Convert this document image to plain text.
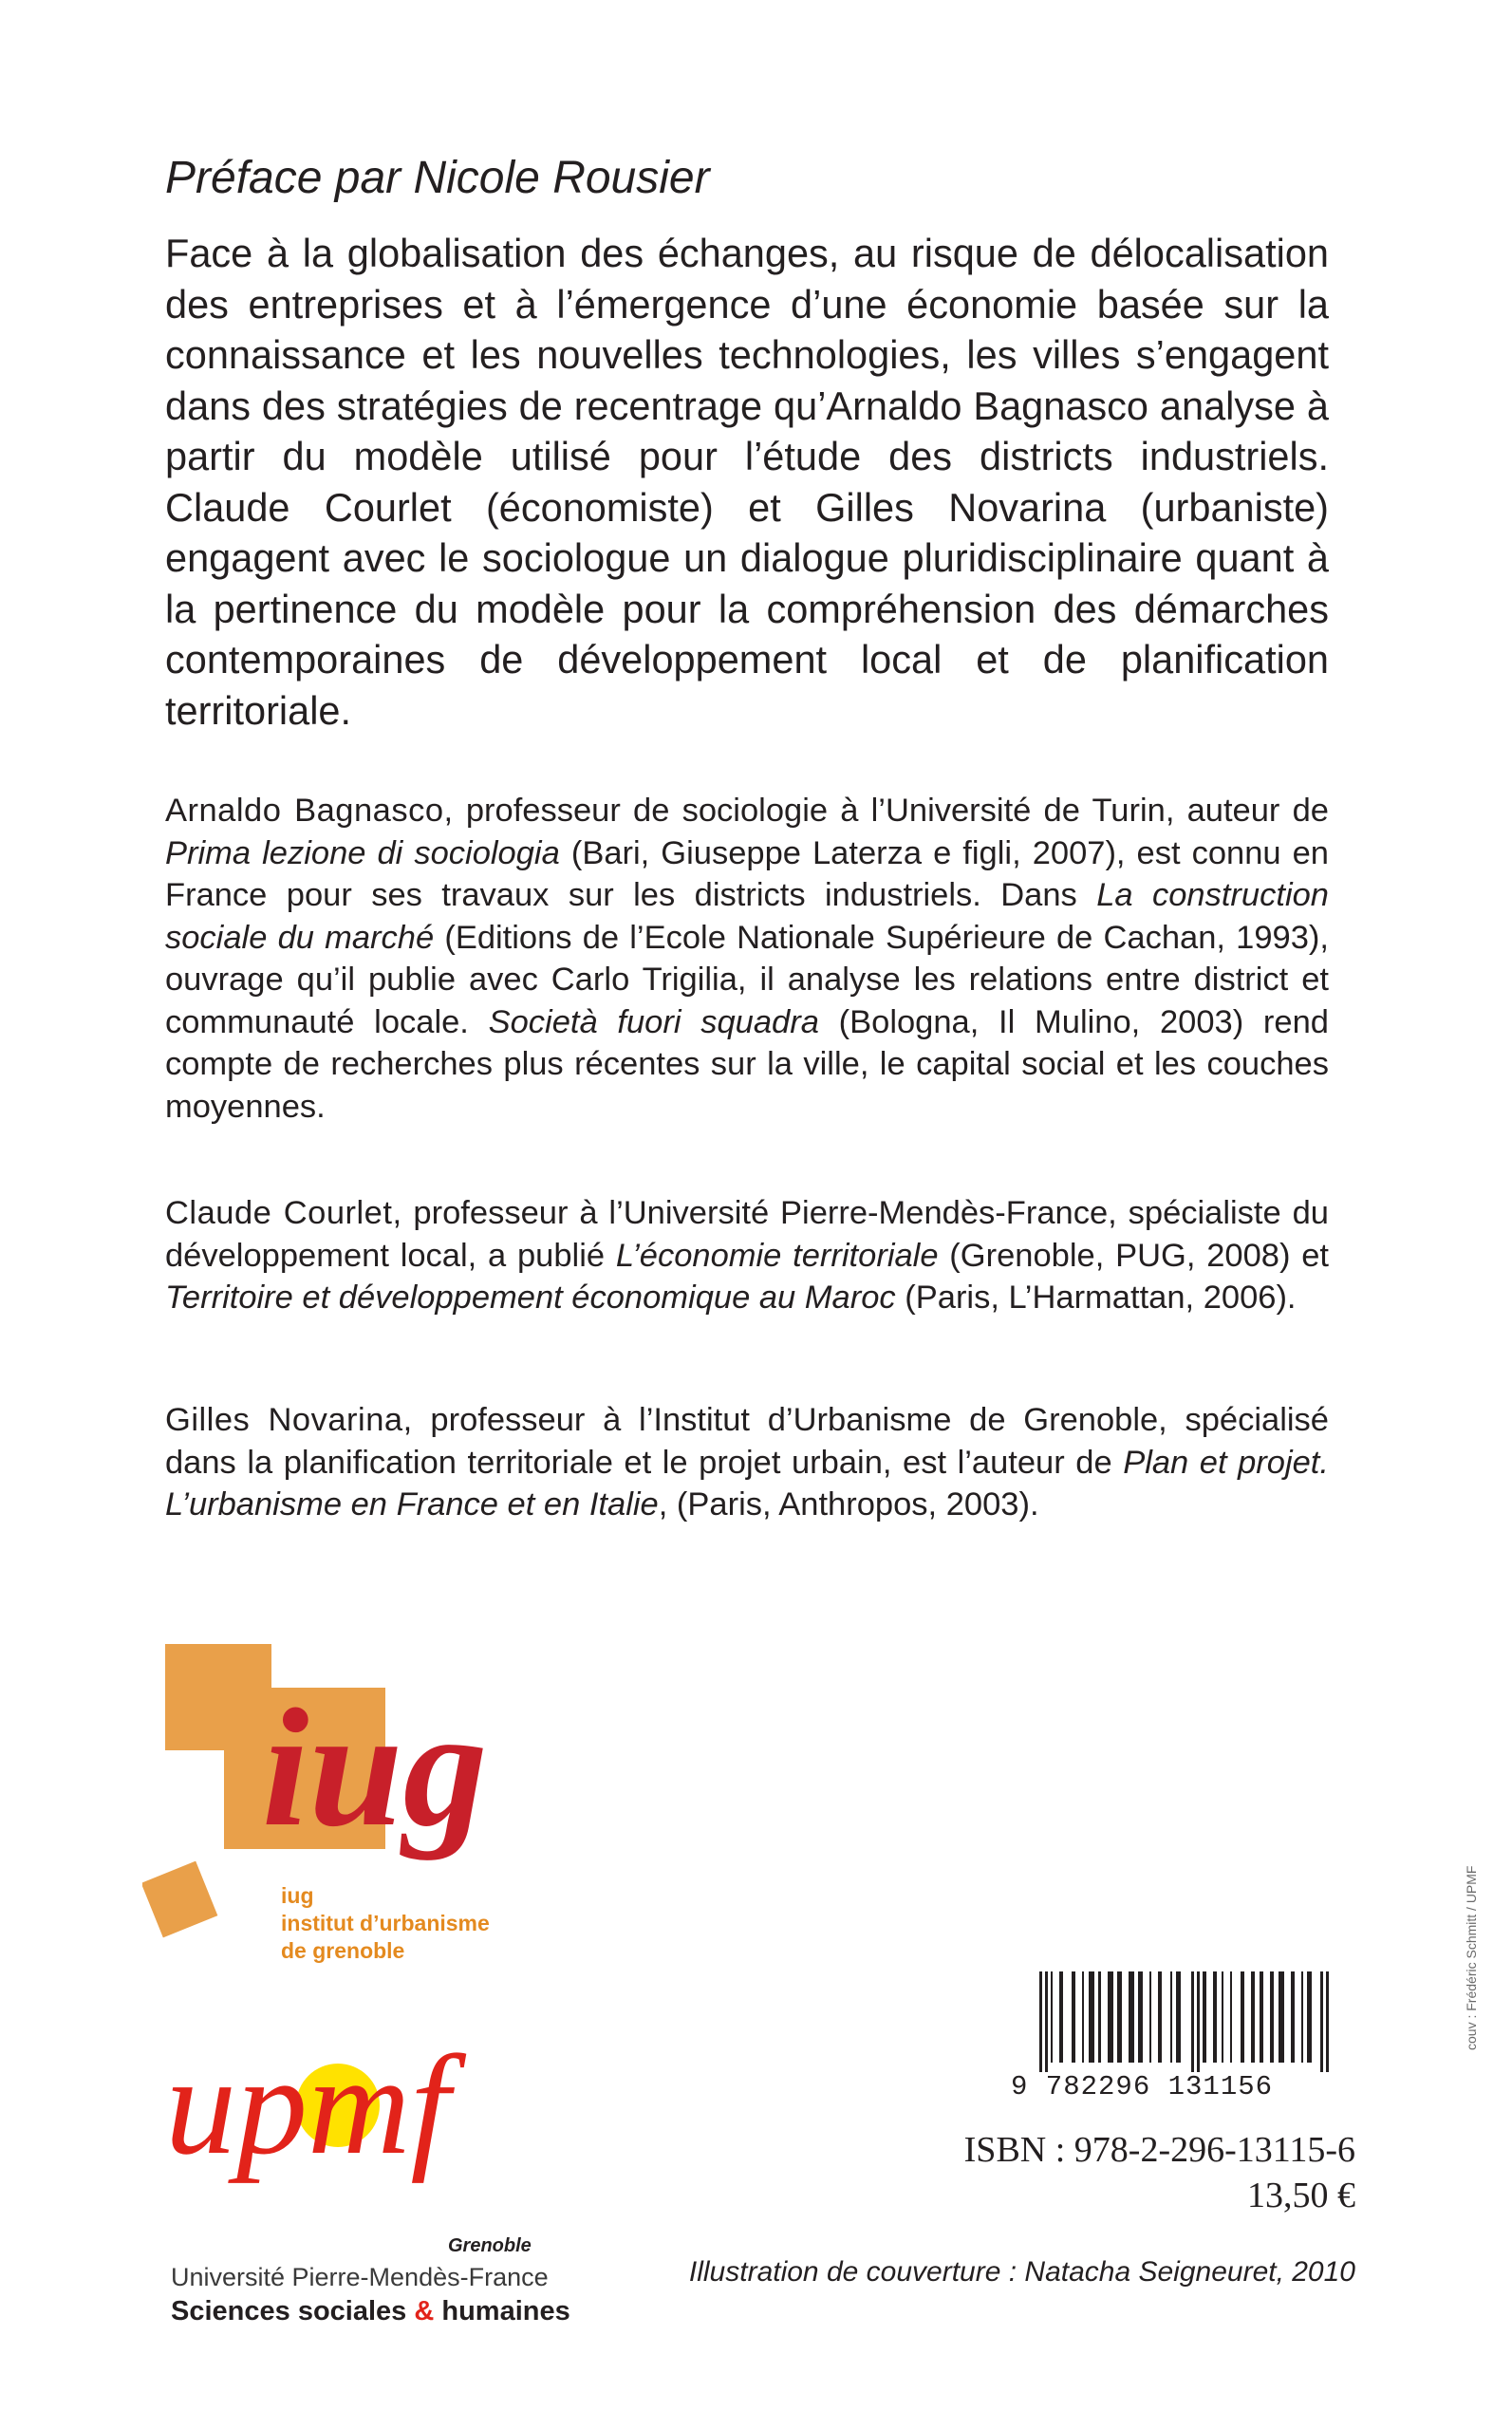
Préface par Nicole Rousier

Face à la globalisation des échanges, au risque de délocalisation des entreprises et à l’émergence d’une économie basée sur la connaissance et les nouvelles technologies, les villes s’engagent dans des stratégies de recentrage qu’Arnaldo Bagnasco analyse à partir du modèle utilisé pour l’étude des districts industriels. Claude Courlet (économiste) et Gilles Novarina (urbaniste) engagent avec le sociologue un dialogue pluridisciplinaire quant à la pertinence du modèle pour la compréhension des démarches contemporaines de développement local et de planification territoriale.

Arnaldo Bagnasco, professeur de sociologie à l’Université de Turin, auteur de Prima lezione di sociologia (Bari, Giuseppe Laterza e figli, 2007), est connu en France pour ses travaux sur les districts industriels. Dans La construction sociale du marché (Editions de l’Ecole Nationale Supérieure de Cachan, 1993), ouvrage qu’il publie avec Carlo Trigilia, il analyse les relations entre district et communauté locale. Società fuori squadra (Bologna, Il Mulino, 2003) rend compte de recherches plus récentes sur la ville, le capital social et les couches moyennes.

Claude Courlet, professeur à l’Université Pierre-Mendès-France, spécialiste du développement local, a publié L’économie territoriale (Grenoble, PUG, 2008) et Territoire et développement économique au Maroc (Paris, L’Harmattan, 2006).

Gilles Novarina, professeur à l’Institut d’Urbanisme de Grenoble, spécialisé dans la planification territoriale et le projet urbain, est l’auteur de Plan et projet. L’urbanisme en France et en Italie, (Paris, Anthropos, 2003).

iug
iug
institut d’urbanisme
de grenoble
upmf
Grenoble
Université Pierre-Mendès-France
Sciences sociales & humaines
couv : Frédéric Schmitt / UPMF
9 782296 131156
ISBN : 978-2-296-13115-6
13,50 €
Illustration de couverture : Natacha Seigneuret, 2010
